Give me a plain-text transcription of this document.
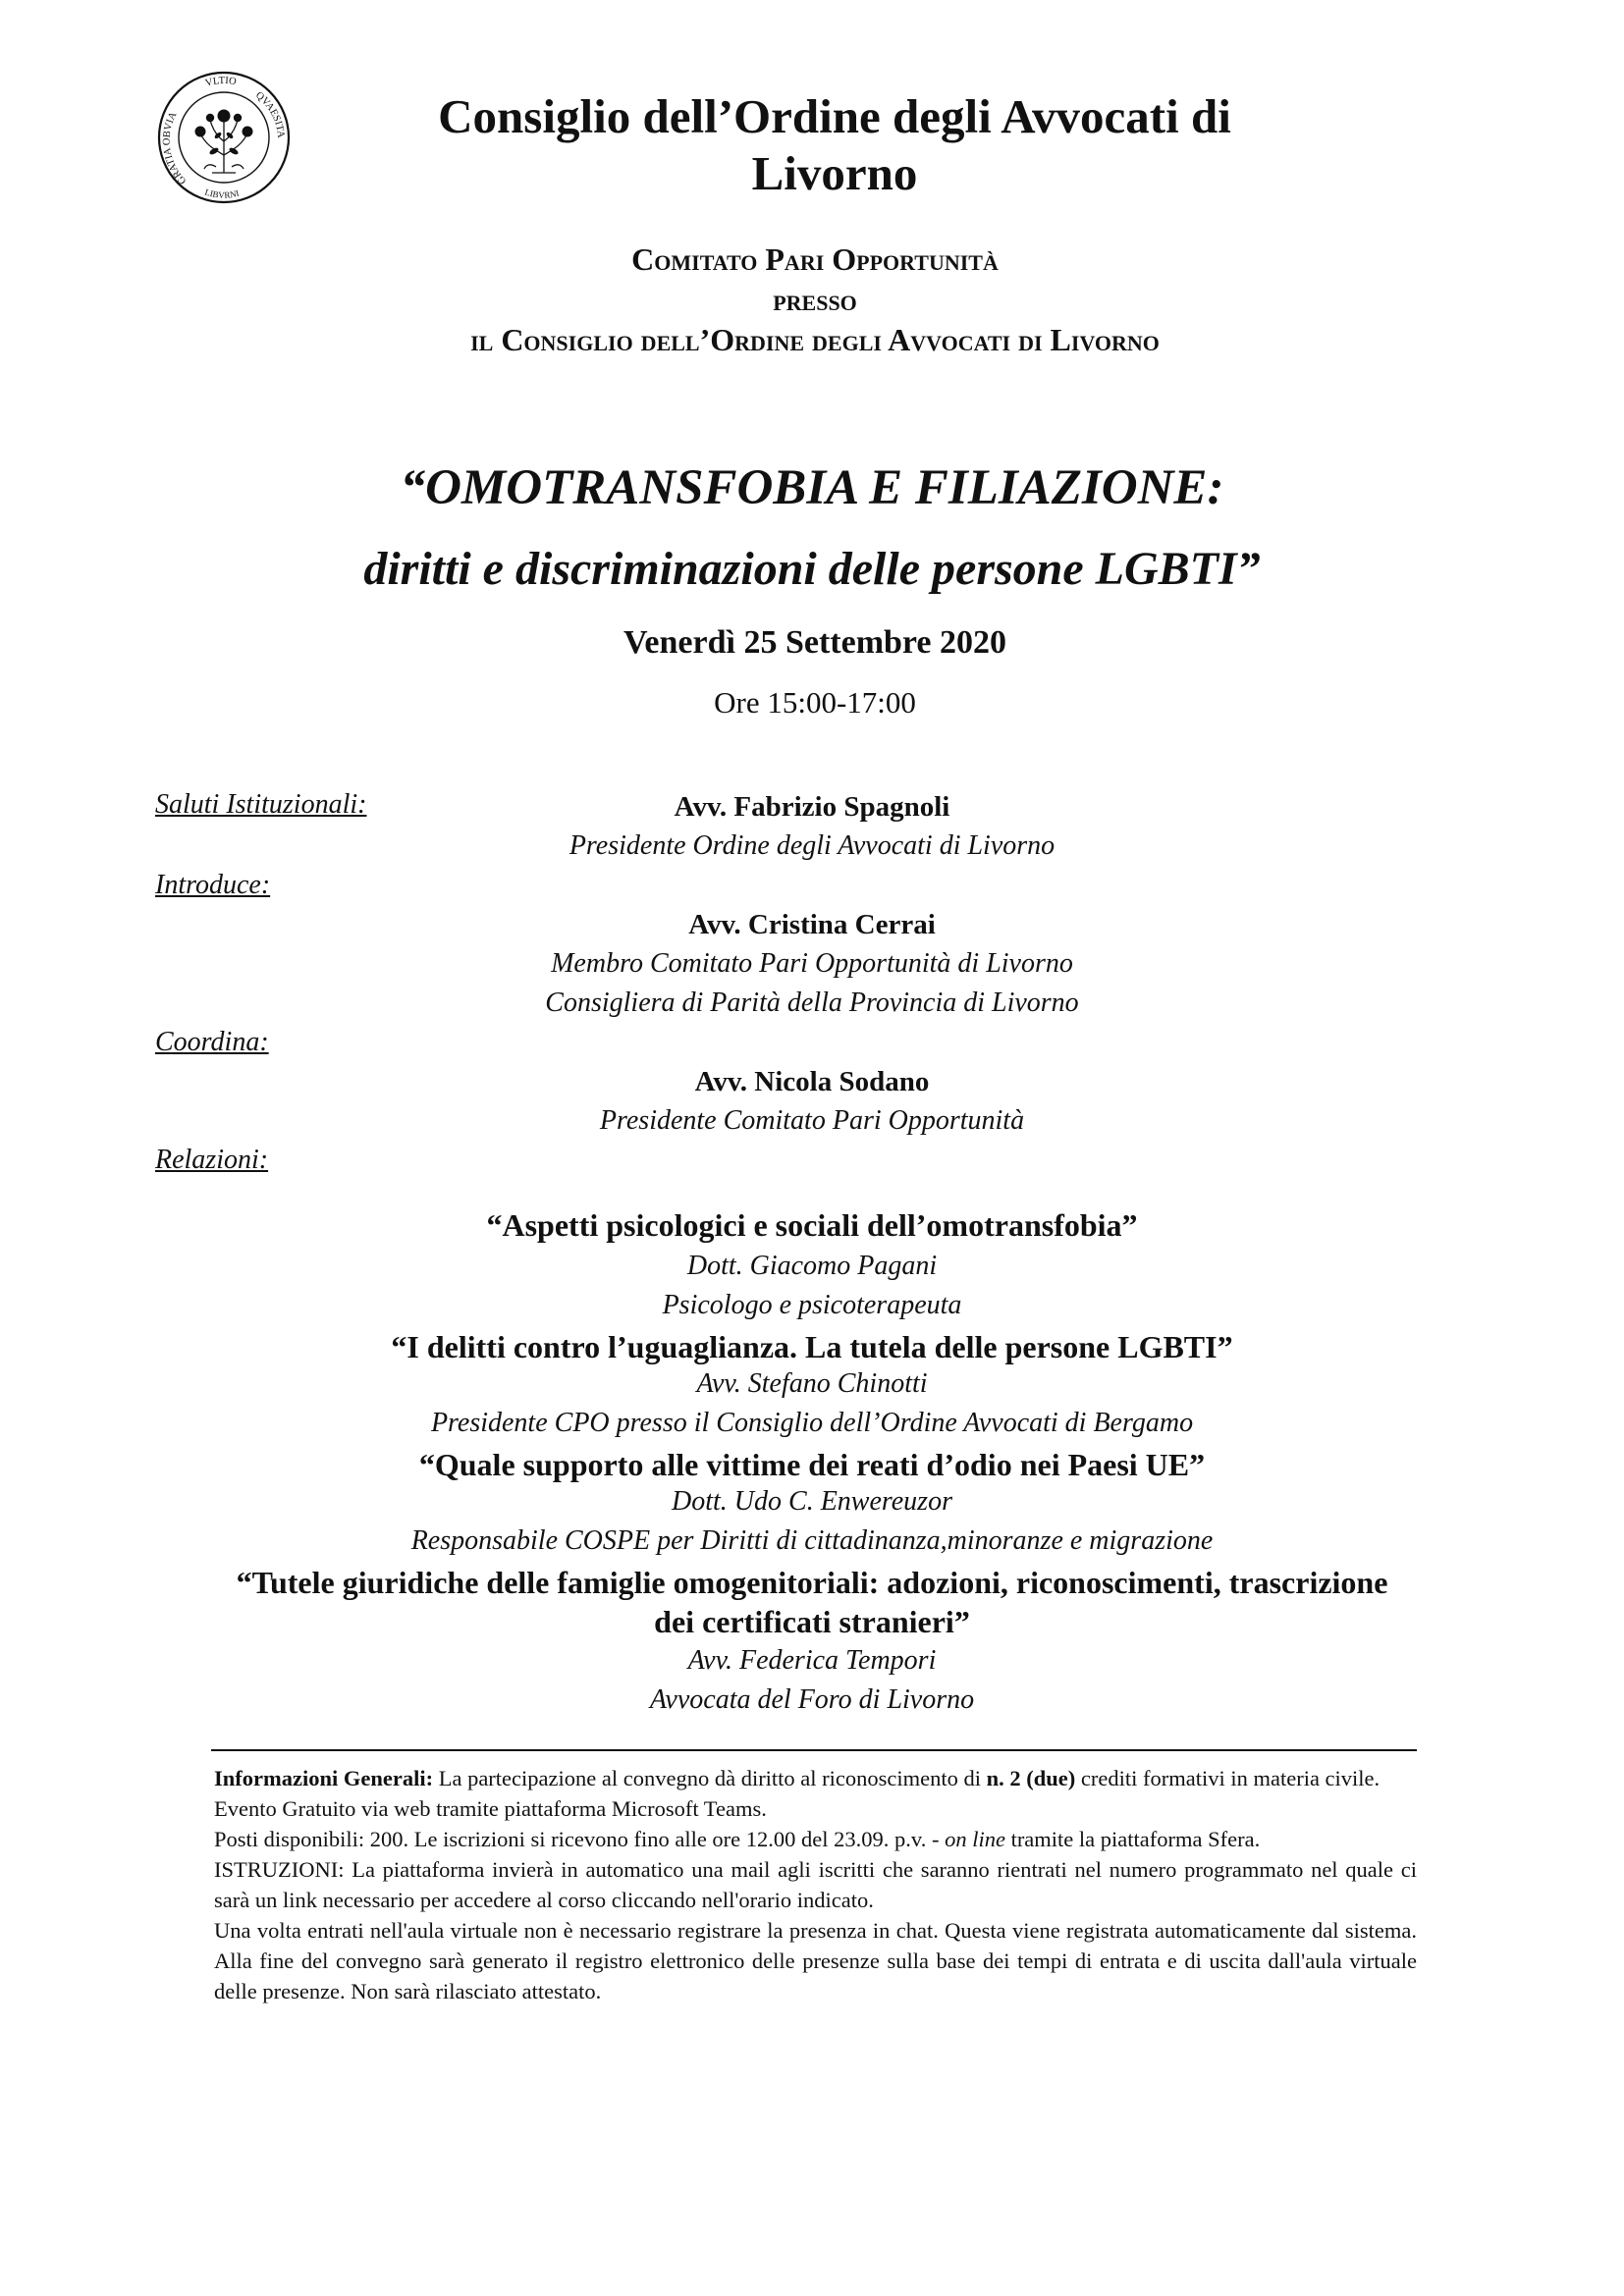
GRATIA OBVIA
VLTIO
QVAESITA
LIBVRNI
Consiglio dell’Ordine degli Avvocati di
Livorno
Comitato Pari Opportunità
presso
il Consiglio dell’Ordine degli Avvocati di Livorno
“OMOTRANSFOBIA E FILIAZIONE:
diritti e discriminazioni delle persone LGBTI”
Venerdì 25 Settembre 2020
Ore 15:00-17:00
Saluti Istituzionali:	Avv. Fabrizio Spagnoli
Presidente Ordine degli Avvocati di Livorno
Introduce:
Avv. Cristina Cerrai
Membro Comitato Pari Opportunità di Livorno
Consigliera di Parità della Provincia di Livorno
Coordina:
Avv. Nicola Sodano
Presidente Comitato Pari Opportunità
Relazioni:
“Aspetti psicologici e sociali dell’omotransfobia”
Dott. Giacomo Pagani
Psicologo e psicoterapeuta
“I delitti contro l’uguaglianza. La tutela delle persone LGBTI”
Avv. Stefano Chinotti
Presidente CPO presso il Consiglio dell’Ordine Avvocati di Bergamo
“Quale supporto alle vittime dei reati d’odio nei Paesi UE”
Dott. Udo C. Enwereuzor
Responsabile COSPE per Diritti di cittadinanza,minoranze e migrazione
“Tutele giuridiche delle famiglie omogenitoriali: adozioni, riconoscimenti, trascrizione
dei certificati stranieri”
Avv. Federica Tempori
Avvocata del Foro di Livorno

Informazioni Generali: La partecipazione al convegno dà diritto al riconoscimento di n. 2 (due) crediti formativi in materia civile.

Evento Gratuito via web tramite piattaforma Microsoft Teams.

Posti disponibili: 200. Le iscrizioni si ricevono fino alle ore 12.00 del 23.09. p.v. - on line tramite la piattaforma Sfera.

ISTRUZIONI: La piattaforma invierà in automatico una mail agli iscritti che saranno rientrati nel numero programmato nel quale ci sarà un link necessario per accedere al corso cliccando nell'orario indicato.

Una volta entrati nell'aula virtuale non è necessario registrare la presenza in chat. Questa viene registrata automaticamente dal sistema. Alla fine del convegno sarà generato il registro elettronico delle presenze sulla base dei tempi di entrata e di uscita dall'aula virtuale delle presenze. Non sarà rilasciato attestato.
